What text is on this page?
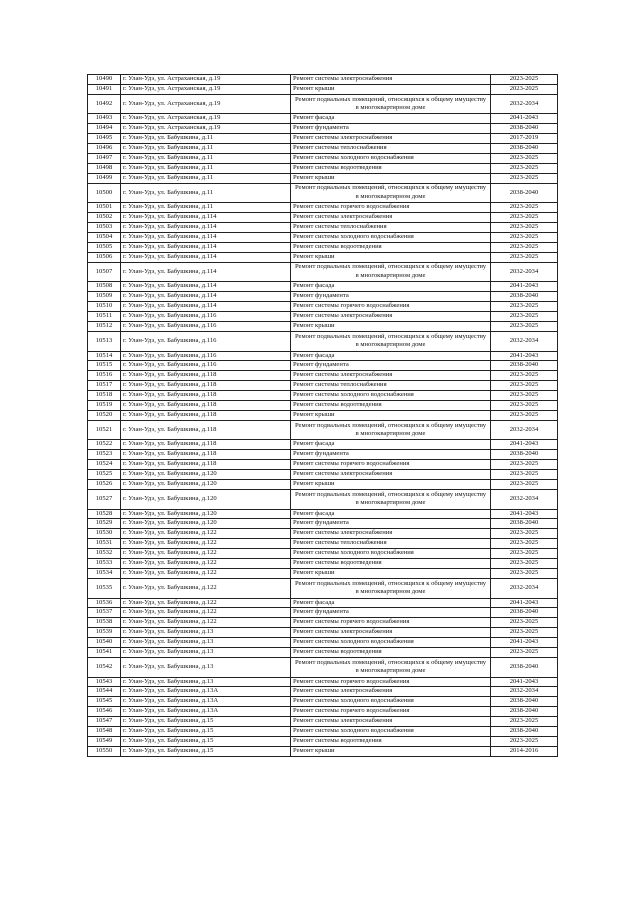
10490	г. Улан-Удэ, ул. Астраханская, д.19	Ремонт системы электроснабжения	2023-2025
10491	г. Улан-Удэ, ул. Астраханская, д.19	Ремонт крыши	2023-2025
10492	г. Улан-Удэ, ул. Астраханская, д.19	Ремонт подвальных помещений, относящихся к общему имуществу в многоквартирном доме	2032-2034
10493	г. Улан-Удэ, ул. Астраханская, д.19	Ремонт фасада	2041-2043
10494	г. Улан-Удэ, ул. Астраханская, д.19	Ремонт фундамента	2038-2040
10495	г. Улан-Удэ, ул. Бабушкина, д.11	Ремонт системы электроснабжения	2017-2019
10496	г. Улан-Удэ, ул. Бабушкина, д.11	Ремонт системы теплоснабжения	2038-2040
10497	г. Улан-Удэ, ул. Бабушкина, д.11	Ремонт системы холодного водоснабжения	2023-2025
10498	г. Улан-Удэ, ул. Бабушкина, д.11	Ремонт системы водоотведения	2023-2025
10499	г. Улан-Удэ, ул. Бабушкина, д.11	Ремонт крыши	2023-2025
10500	г. Улан-Удэ, ул. Бабушкина, д.11	Ремонт подвальных помещений, относящихся к общему имуществу в многоквартирном доме	2038-2040
10501	г. Улан-Удэ, ул. Бабушкина, д.11	Ремонт системы горячего водоснабжения	2023-2025
10502	г. Улан-Удэ, ул. Бабушкина, д.114	Ремонт системы электроснабжения	2023-2025
10503	г. Улан-Удэ, ул. Бабушкина, д.114	Ремонт системы теплоснабжения	2023-2025
10504	г. Улан-Удэ, ул. Бабушкина, д.114	Ремонт системы холодного водоснабжения	2023-2025
10505	г. Улан-Удэ, ул. Бабушкина, д.114	Ремонт системы водоотведения	2023-2025
10506	г. Улан-Удэ, ул. Бабушкина, д.114	Ремонт крыши	2023-2025
10507	г. Улан-Удэ, ул. Бабушкина, д.114	Ремонт подвальных помещений, относящихся к общему имуществу в многоквартирном доме	2032-2034
10508	г. Улан-Удэ, ул. Бабушкина, д.114	Ремонт фасада	2041-2043
10509	г. Улан-Удэ, ул. Бабушкина, д.114	Ремонт фундамента	2038-2040
10510	г. Улан-Удэ, ул. Бабушкина, д.114	Ремонт системы горячего водоснабжения	2023-2025
10511	г. Улан-Удэ, ул. Бабушкина, д.116	Ремонт системы электроснабжения	2023-2025
10512	г. Улан-Удэ, ул. Бабушкина, д.116	Ремонт крыши	2023-2025
10513	г. Улан-Удэ, ул. Бабушкина, д.116	Ремонт подвальных помещений, относящихся к общему имуществу в многоквартирном доме	2032-2034
10514	г. Улан-Удэ, ул. Бабушкина, д.116	Ремонт фасада	2041-2043
10515	г. Улан-Удэ, ул. Бабушкина, д.116	Ремонт фундамента	2038-2040
10516	г. Улан-Удэ, ул. Бабушкина, д.118	Ремонт системы электроснабжения	2023-2025
10517	г. Улан-Удэ, ул. Бабушкина, д.118	Ремонт системы теплоснабжения	2023-2025
10518	г. Улан-Удэ, ул. Бабушкина, д.118	Ремонт системы холодного водоснабжения	2023-2025
10519	г. Улан-Удэ, ул. Бабушкина, д.118	Ремонт системы водоотведения	2023-2025
10520	г. Улан-Удэ, ул. Бабушкина, д.118	Ремонт крыши	2023-2025
10521	г. Улан-Удэ, ул. Бабушкина, д.118	Ремонт подвальных помещений, относящихся к общему имуществу в многоквартирном доме	2032-2034
10522	г. Улан-Удэ, ул. Бабушкина, д.118	Ремонт фасада	2041-2043
10523	г. Улан-Удэ, ул. Бабушкина, д.118	Ремонт фундамента	2038-2040
10524	г. Улан-Удэ, ул. Бабушкина, д.118	Ремонт системы горячего водоснабжения	2023-2025
10525	г. Улан-Удэ, ул. Бабушкина, д.120	Ремонт системы электроснабжения	2023-2025
10526	г. Улан-Удэ, ул. Бабушкина, д.120	Ремонт крыши	2023-2025
10527	г. Улан-Удэ, ул. Бабушкина, д.120	Ремонт подвальных помещений, относящихся к общему имуществу в многоквартирном доме	2032-2034
10528	г. Улан-Удэ, ул. Бабушкина, д.120	Ремонт фасада	2041-2043
10529	г. Улан-Удэ, ул. Бабушкина, д.120	Ремонт фундамента	2038-2040
10530	г. Улан-Удэ, ул. Бабушкина, д.122	Ремонт системы электроснабжения	2023-2025
10531	г. Улан-Удэ, ул. Бабушкина, д.122	Ремонт системы теплоснабжения	2023-2025
10532	г. Улан-Удэ, ул. Бабушкина, д.122	Ремонт системы холодного водоснабжения	2023-2025
10533	г. Улан-Удэ, ул. Бабушкина, д.122	Ремонт системы водоотведения	2023-2025
10534	г. Улан-Удэ, ул. Бабушкина, д.122	Ремонт крыши	2023-2025
10535	г. Улан-Удэ, ул. Бабушкина, д.122	Ремонт подвальных помещений, относящихся к общему имуществу в многоквартирном доме	2032-2034
10536	г. Улан-Удэ, ул. Бабушкина, д.122	Ремонт фасада	2041-2043
10537	г. Улан-Удэ, ул. Бабушкина, д.122	Ремонт фундамента	2038-2040
10538	г. Улан-Удэ, ул. Бабушкина, д.122	Ремонт системы горячего водоснабжения	2023-2025
10539	г. Улан-Удэ, ул. Бабушкина, д.13	Ремонт системы электроснабжения	2023-2025
10540	г. Улан-Удэ, ул. Бабушкина, д.13	Ремонт системы холодного водоснабжения	2041-2043
10541	г. Улан-Удэ, ул. Бабушкина, д.13	Ремонт системы водоотведения	2023-2025
10542	г. Улан-Удэ, ул. Бабушкина, д.13	Ремонт подвальных помещений, относящихся к общему имуществу в многоквартирном доме	2038-2040
10543	г. Улан-Удэ, ул. Бабушкина, д.13	Ремонт системы горячего водоснабжения	2041-2043
10544	г. Улан-Удэ, ул. Бабушкина, д.13А	Ремонт системы электроснабжения	2032-2034
10545	г. Улан-Удэ, ул. Бабушкина, д.13А	Ремонт системы холодного водоснабжения	2038-2040
10546	г. Улан-Удэ, ул. Бабушкина, д.13А	Ремонт системы горячего водоснабжения	2038-2040
10547	г. Улан-Удэ, ул. Бабушкина, д.15	Ремонт системы электроснабжения	2023-2025
10548	г. Улан-Удэ, ул. Бабушкина, д.15	Ремонт системы холодного водоснабжения	2038-2040
10549	г. Улан-Удэ, ул. Бабушкина, д.15	Ремонт системы водоотведения	2023-2025
10550	г. Улан-Удэ, ул. Бабушкина, д.15	Ремонт крыши	2014-2016
